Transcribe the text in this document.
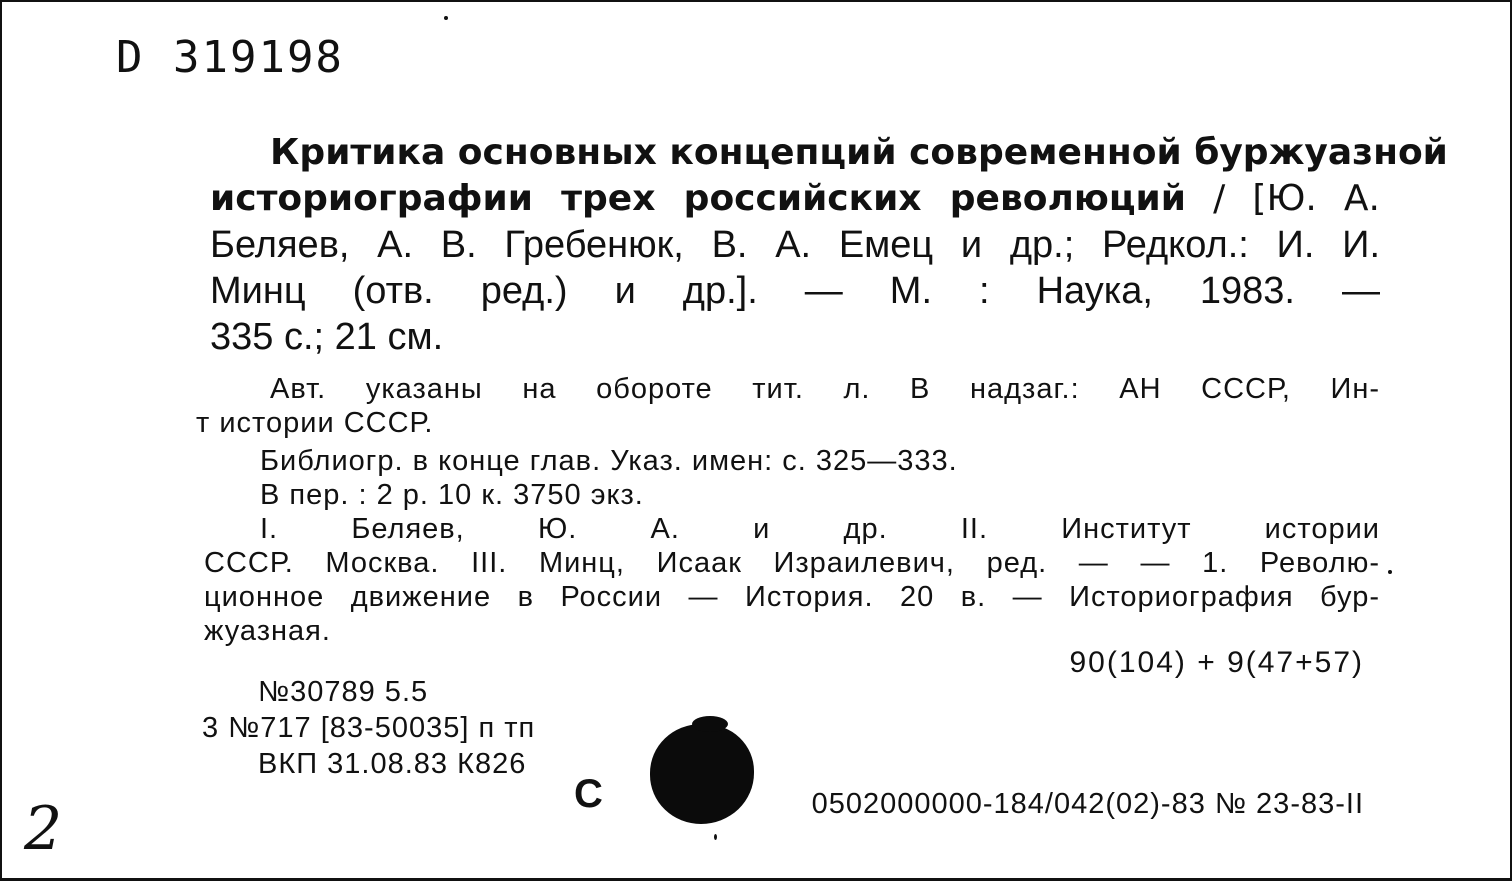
D 319198
Критика основных концепций современной буржуазной
историографии трех российских революций / [Ю. А.
Беляев, А. В. Гребенюк, В. А. Емец и др.; Редкол.: И. И.
Минц (отв. ред.) и др.]. — М. : Наука, 1983. —
335 с.; 21 см.
Авт. указаны на обороте тит. л. В надзаг.: АН СССР, Ин-
т истории СССР.
Библиогр. в конце глав. Указ. имен: с. 325—333.
В пер. : 2 р. 10 к. 3750 экз.
I. Беляев, Ю. А. и др. II. Институт истории
СССР. Москва. III. Минц, Исаак Израилевич, ред. — — 1. Револю-
ционное движение в России — История. 20 в. — Историография бур-
жуазная.
90(104) + 9(47+57)
№30789 5.5
3 №717 [83-50035] п тп
ВКП 31.08.83 К826
С	0502000000-184/042(02)-83 № 23-83-II
2
